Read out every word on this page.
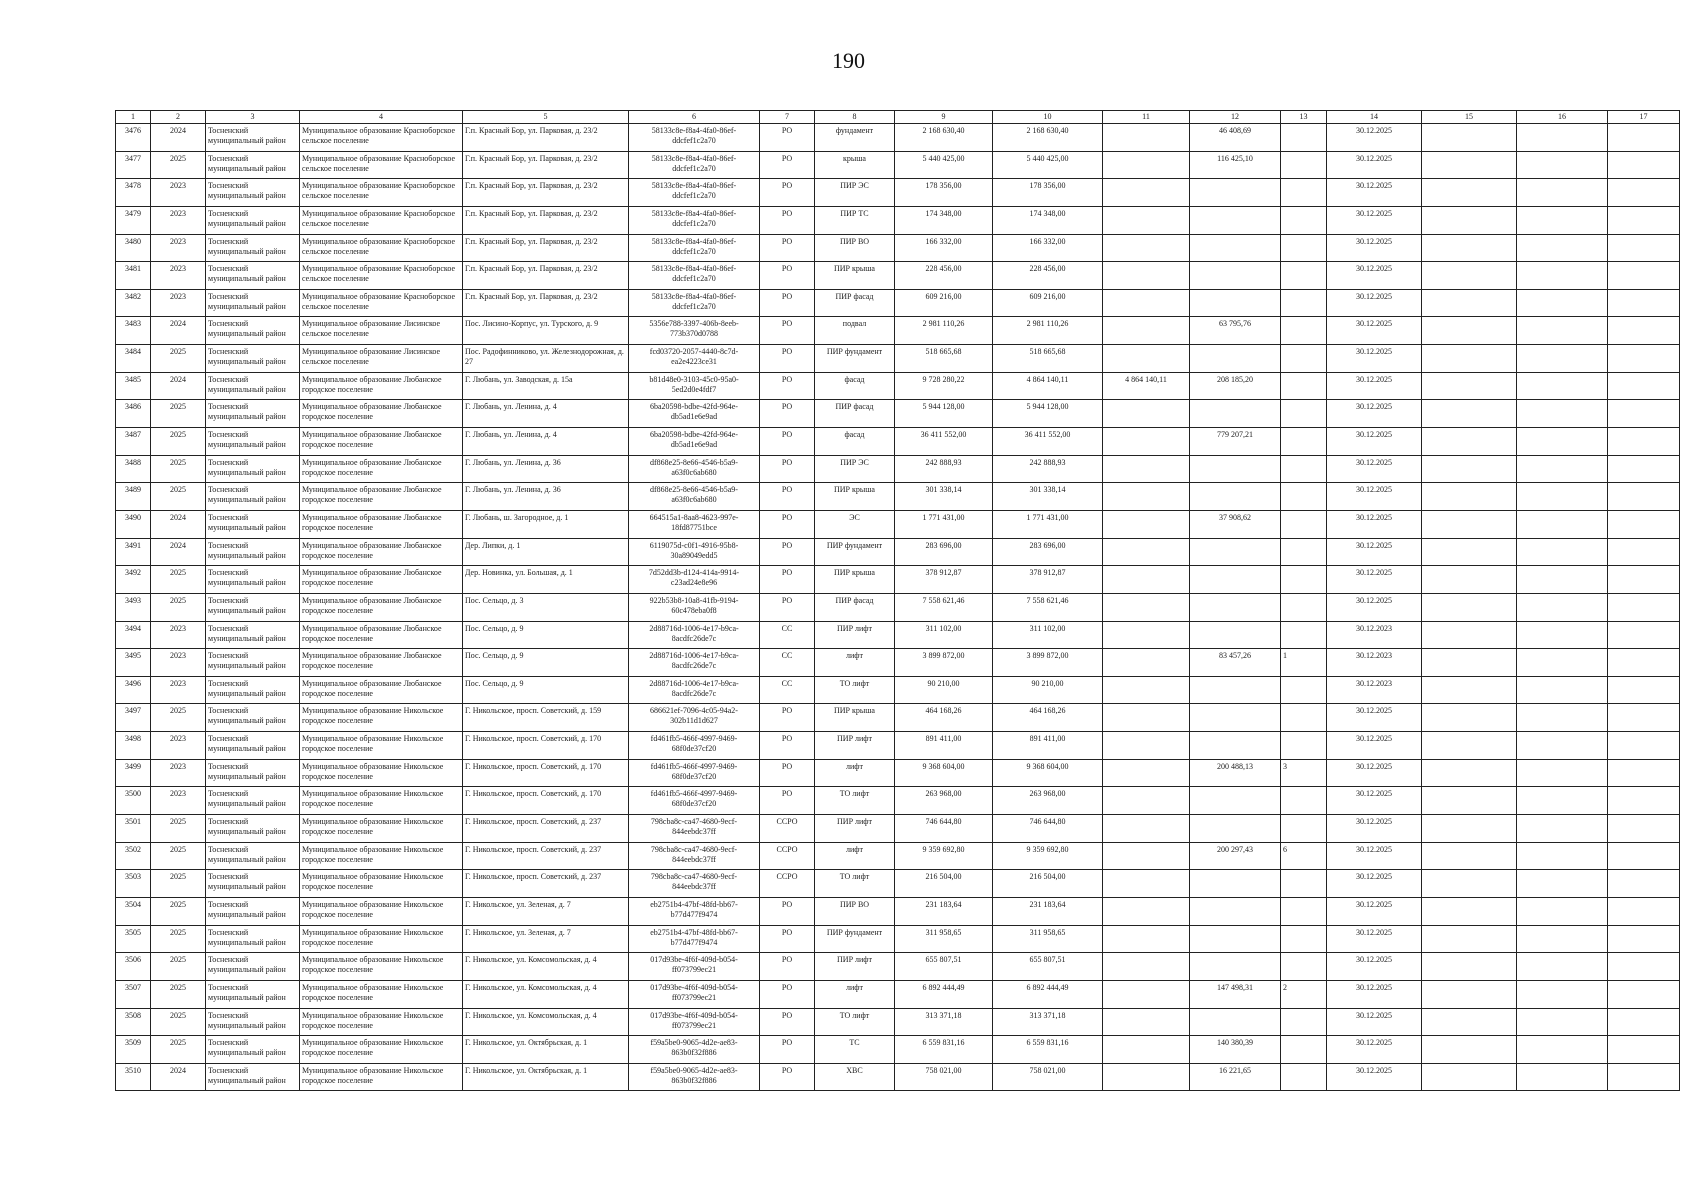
190
1	2	3	4	5	6	7	8	9	10	11	12	13	14	15	16	17
3476	2024	Тосненский муниципальный район	Муниципальное образование Красноборское сельское поселение	Г.п. Красный Бор, ул. Парковая, д. 23/2	58133c8e-f8a4-4fa0-86ef-ddcfef1c2a70	РО	фундамент	2 168 630,40	2 168 630,40		46 408,69		30.12.2025			
3477	2025	Тосненский муниципальный район	Муниципальное образование Красноборское сельское поселение	Г.п. Красный Бор, ул. Парковая, д. 23/2	58133c8e-f8a4-4fa0-86ef-ddcfef1c2a70	РО	крыша	5 440 425,00	5 440 425,00		116 425,10		30.12.2025			
3478	2023	Тосненский муниципальный район	Муниципальное образование Красноборское сельское поселение	Г.п. Красный Бор, ул. Парковая, д. 23/2	58133c8e-f8a4-4fa0-86ef-ddcfef1c2a70	РО	ПИР ЭС	178 356,00	178 356,00				30.12.2025			
3479	2023	Тосненский муниципальный район	Муниципальное образование Красноборское сельское поселение	Г.п. Красный Бор, ул. Парковая, д. 23/2	58133c8e-f8a4-4fa0-86ef-ddcfef1c2a70	РО	ПИР ТС	174 348,00	174 348,00				30.12.2025			
3480	2023	Тосненский муниципальный район	Муниципальное образование Красноборское сельское поселение	Г.п. Красный Бор, ул. Парковая, д. 23/2	58133c8e-f8a4-4fa0-86ef-ddcfef1c2a70	РО	ПИР ВО	166 332,00	166 332,00				30.12.2025			
3481	2023	Тосненский муниципальный район	Муниципальное образование Красноборское сельское поселение	Г.п. Красный Бор, ул. Парковая, д. 23/2	58133c8e-f8a4-4fa0-86ef-ddcfef1c2a70	РО	ПИР крыша	228 456,00	228 456,00				30.12.2025			
3482	2023	Тосненский муниципальный район	Муниципальное образование Красноборское сельское поселение	Г.п. Красный Бор, ул. Парковая, д. 23/2	58133c8e-f8a4-4fa0-86ef-ddcfef1c2a70	РО	ПИР фасад	609 216,00	609 216,00				30.12.2025			
3483	2024	Тосненский муниципальный район	Муниципальное образование Лисинское сельское поселение	Пос. Лисино-Корпус, ул. Турского, д. 9	5356e788-3397-406b-8eeb-773b370d0788	РО	подвал	2 981 110,26	2 981 110,26		63 795,76		30.12.2025			
3484	2025	Тосненский муниципальный район	Муниципальное образование Лисинское сельское поселение	Пос. Радофинниково, ул. Железнодорожная, д. 27	fcd03720-2057-4440-8c7d-ea2e4223ce31	РО	ПИР фундамент	518 665,68	518 665,68				30.12.2025			
3485	2024	Тосненский муниципальный район	Муниципальное образование Любанское городское поселение	Г. Любань, ул. Заводская, д. 15а	b81d48e0-3103-45c0-95a0-5ed2d0e4fdf7	РО	фасад	9 728 280,22	4 864 140,11	4 864 140,11	208 185,20		30.12.2025			
3486	2025	Тосненский муниципальный район	Муниципальное образование Любанское городское поселение	Г. Любань, ул. Ленина, д. 4	6ba20598-bdbe-42fd-964e-db5ad1e6e9ad	РО	ПИР фасад	5 944 128,00	5 944 128,00				30.12.2025			
3487	2025	Тосненский муниципальный район	Муниципальное образование Любанское городское поселение	Г. Любань, ул. Ленина, д. 4	6ba20598-bdbe-42fd-964e-db5ad1e6e9ad	РО	фасад	36 411 552,00	36 411 552,00		779 207,21		30.12.2025			
3488	2025	Тосненский муниципальный район	Муниципальное образование Любанское городское поселение	Г. Любань, ул. Ленина, д. 36	df868e25-8e66-4546-b5a9-a63f0c6ab680	РО	ПИР ЭС	242 888,93	242 888,93				30.12.2025			
3489	2025	Тосненский муниципальный район	Муниципальное образование Любанское городское поселение	Г. Любань, ул. Ленина, д. 36	df868e25-8e66-4546-b5a9-a63f0c6ab680	РО	ПИР крыша	301 338,14	301 338,14				30.12.2025			
3490	2024	Тосненский муниципальный район	Муниципальное образование Любанское городское поселение	Г. Любань, ш. Загородное, д. 1	664515a1-8aa8-4623-997e-18fd87751bce	РО	ЭС	1 771 431,00	1 771 431,00		37 908,62		30.12.2025			
3491	2024	Тосненский муниципальный район	Муниципальное образование Любанское городское поселение	Дер. Липки, д. 1	6119075d-c0f1-4916-95b8-30a89049edd5	РО	ПИР фундамент	283 696,00	283 696,00				30.12.2025			
3492	2025	Тосненский муниципальный район	Муниципальное образование Любанское городское поселение	Дер. Новинка, ул. Большая, д. 1	7d52dd3b-d124-414a-9914-c23ad24e8e96	РО	ПИР крыша	378 912,87	378 912,87				30.12.2025			
3493	2025	Тосненский муниципальный район	Муниципальное образование Любанское городское поселение	Пос. Сельцо, д. 3	922b53b8-10a8-41fb-9194-60c478eba0f8	РО	ПИР фасад	7 558 621,46	7 558 621,46				30.12.2025			
3494	2023	Тосненский муниципальный район	Муниципальное образование Любанское городское поселение	Пос. Сельцо, д. 9	2d88716d-1006-4e17-b9ca-8acdfc26de7c	СС	ПИР лифт	311 102,00	311 102,00				30.12.2023			
3495	2023	Тосненский муниципальный район	Муниципальное образование Любанское городское поселение	Пос. Сельцо, д. 9	2d88716d-1006-4e17-b9ca-8acdfc26de7c	СС	лифт	3 899 872,00	3 899 872,00		83 457,26	1	30.12.2023			
3496	2023	Тосненский муниципальный район	Муниципальное образование Любанское городское поселение	Пос. Сельцо, д. 9	2d88716d-1006-4e17-b9ca-8acdfc26de7c	СС	ТО лифт	90 210,00	90 210,00				30.12.2023			
3497	2025	Тосненский муниципальный район	Муниципальное образование Никольское городское поселение	Г. Никольское, просп. Советский, д. 159	686621ef-7096-4c05-94a2-302b11d1d627	РО	ПИР крыша	464 168,26	464 168,26				30.12.2025			
3498	2023	Тосненский муниципальный район	Муниципальное образование Никольское городское поселение	Г. Никольское, просп. Советский, д. 170	fd461fb5-466f-4997-9469-68f0de37cf20	РО	ПИР лифт	891 411,00	891 411,00				30.12.2025			
3499	2023	Тосненский муниципальный район	Муниципальное образование Никольское городское поселение	Г. Никольское, просп. Советский, д. 170	fd461fb5-466f-4997-9469-68f0de37cf20	РО	лифт	9 368 604,00	9 368 604,00		200 488,13	3	30.12.2025			
3500	2023	Тосненский муниципальный район	Муниципальное образование Никольское городское поселение	Г. Никольское, просп. Советский, д. 170	fd461fb5-466f-4997-9469-68f0de37cf20	РО	ТО лифт	263 968,00	263 968,00				30.12.2025			
3501	2025	Тосненский муниципальный район	Муниципальное образование Никольское городское поселение	Г. Никольское, просп. Советский, д. 237	798cba8c-ca47-4680-9ecf-844eebdc37ff	ССРО	ПИР лифт	746 644,80	746 644,80				30.12.2025			
3502	2025	Тосненский муниципальный район	Муниципальное образование Никольское городское поселение	Г. Никольское, просп. Советский, д. 237	798cba8c-ca47-4680-9ecf-844eebdc37ff	ССРО	лифт	9 359 692,80	9 359 692,80		200 297,43	6	30.12.2025			
3503	2025	Тосненский муниципальный район	Муниципальное образование Никольское городское поселение	Г. Никольское, просп. Советский, д. 237	798cba8c-ca47-4680-9ecf-844eebdc37ff	ССРО	ТО лифт	216 504,00	216 504,00				30.12.2025			
3504	2025	Тосненский муниципальный район	Муниципальное образование Никольское городское поселение	Г. Никольское, ул. Зеленая, д. 7	eb2751b4-47bf-48fd-bb67-b77d477f9474	РО	ПИР ВО	231 183,64	231 183,64				30.12.2025			
3505	2025	Тосненский муниципальный район	Муниципальное образование Никольское городское поселение	Г. Никольское, ул. Зеленая, д. 7	eb2751b4-47bf-48fd-bb67-b77d477f9474	РО	ПИР фундамент	311 958,65	311 958,65				30.12.2025			
3506	2025	Тосненский муниципальный район	Муниципальное образование Никольское городское поселение	Г. Никольское, ул. Комсомольская, д. 4	017d93be-4f6f-409d-b054-ff073799ec21	РО	ПИР лифт	655 807,51	655 807,51				30.12.2025			
3507	2025	Тосненский муниципальный район	Муниципальное образование Никольское городское поселение	Г. Никольское, ул. Комсомольская, д. 4	017d93be-4f6f-409d-b054-ff073799ec21	РО	лифт	6 892 444,49	6 892 444,49		147 498,31	2	30.12.2025			
3508	2025	Тосненский муниципальный район	Муниципальное образование Никольское городское поселение	Г. Никольское, ул. Комсомольская, д. 4	017d93be-4f6f-409d-b054-ff073799ec21	РО	ТО лифт	313 371,18	313 371,18				30.12.2025			
3509	2025	Тосненский муниципальный район	Муниципальное образование Никольское городское поселение	Г. Никольское, ул. Октябрьская, д. 1	f59a5be0-9065-4d2e-ae83-863b0f32f886	РО	ТС	6 559 831,16	6 559 831,16		140 380,39		30.12.2025			
3510	2024	Тосненский муниципальный район	Муниципальное образование Никольское городское поселение	Г. Никольское, ул. Октябрьская, д. 1	f59a5be0-9065-4d2e-ae83-863b0f32f886	РО	ХВС	758 021,00	758 021,00		16 221,65		30.12.2025			
